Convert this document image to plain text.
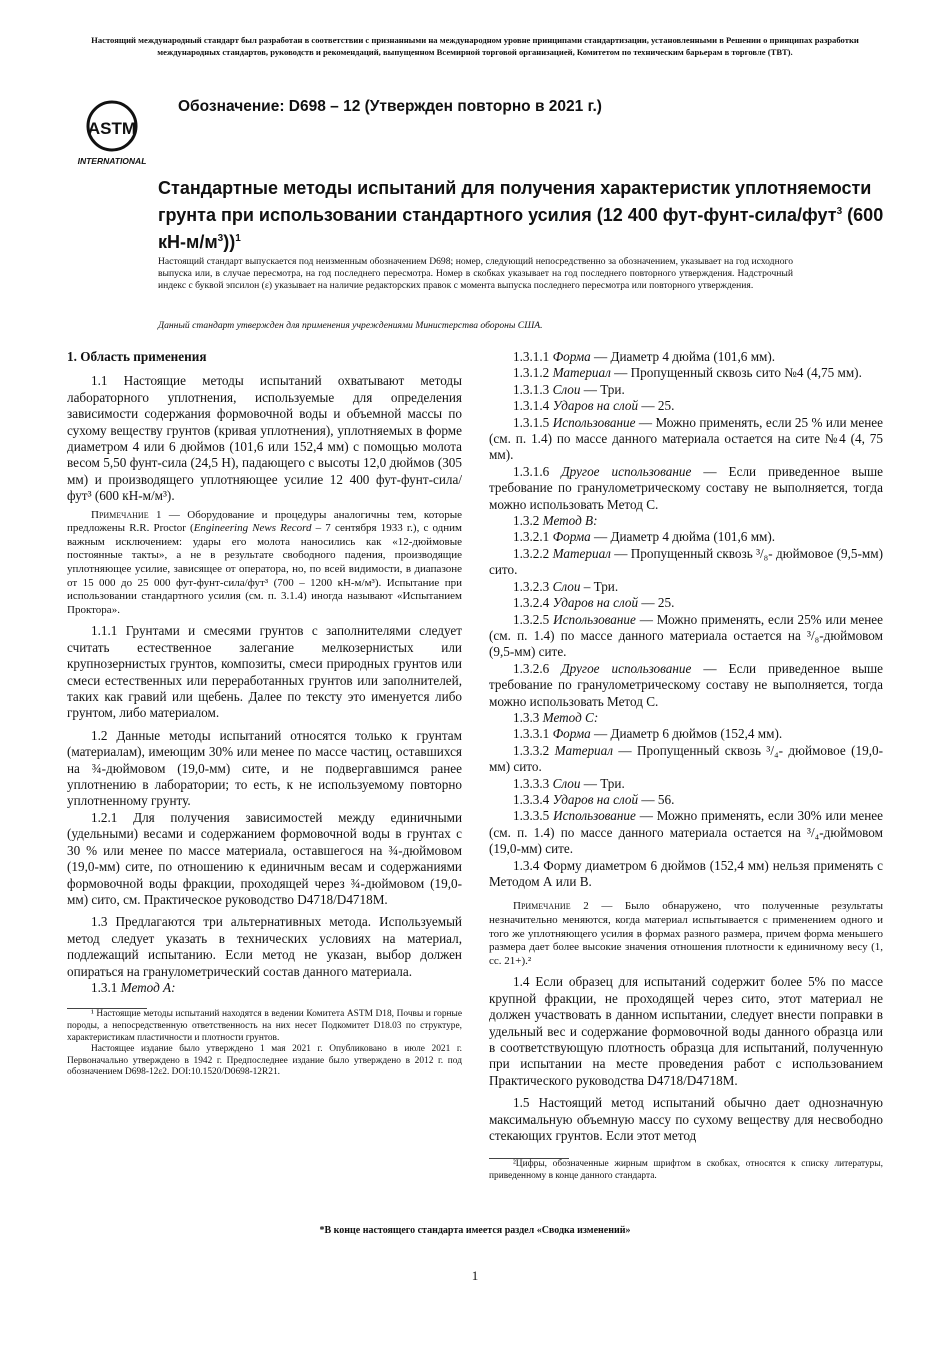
Настоящий международный стандарт был разработан в соответствии с признанными на международном уровне принципами стандартизации, установленными в Решении о принципах разработки международных стандартов, руководств и рекомендаций, выпущенном Всемирной торговой организацией, Комитетом по техническим барьерам в торговле (ТВТ).
ASTM
INTERNATIONAL
Обозначение: D698 – 12 (Утвержден повторно в 2021 г.)
Стандартные методы испытаний для получения характеристик уплотняемости грунта при использовании стандартного усилия (12 400 фут-фунт-сила/фут$^3$ (600 $кН-м/м^3))^1$
Настоящий стандарт выпускается под неизменным обозначением D698; номер, следующий непосредственно за обозначением, указывает на год исходного выпуска или, в случае пересмотра, на год последнего пересмотра. Номер в скобках указывает на год последнего повторного утверждения. Надстрочный индекс с буквой эпсилон (ε) указывает на наличие редакторских правок с момента выпуска последнего пересмотра или повторного утверждения.
Данный стандарт утвержден для применения учреждениями Министерства обороны США.

1. Область применения

1.1 Настоящие методы испытаний охватывают методы лабораторного уплотнения, используемые для определения зависимости содержания формовочной воды и объемной массы по сухому веществу грунтов (кривая уплотнения), уплотняемых в форме диаметром 4 или 6 дюймов (101,6 или 152,4 мм) с помощью молота весом 5,50 фунт-сила (24,5 Н), падающего с высоты 12,0 дюймов (305 мм) и производящего уплотняющее усилие 12 400 фут-фунт-сила/фут³ (600 кН-м/м³).

Примечание 1 — Оборудование и процедуры аналогичны тем, которые предложены R.R. Proctor (Engineering News Record – 7 сентября 1933 г.), с одним важным исключением: удары его молота наносились как «12-дюймовые постоянные такты», а не в результате свободного падения, производящие уплотняющее усилие, зависящее от оператора, но, по всей видимости, в диапазоне от 15 000 до 25 000 фут-фунт-сила/фут³ (700 – 1200 кН-м/м³). Испытание при использовании стандартного усилия (см. п. 3.1.4) иногда называют «Испытанием Проктора».

1.1.1 Грунтами и смесями грунтов с заполнителями следует считать естественное залегание мелкозернистых или крупнозернистых грунтов, композиты, смеси природных грунтов или смеси естественных или переработанных грунтов или заполнителей, таких как гравий или щебень. Далее по тексту это именуется либо грунтом, либо материалом.

1.2 Данные методы испытаний относятся только к грунтам (материалам), имеющим 30% или менее по массе частиц, оставшихся на ¾-дюймовом (19,0-мм) сите, и не подвергавшимся ранее уплотнению в лаборатории; то есть, к не используемому повторно уплотненному грунту.

1.2.1 Для получения зависимостей между единичными (удельными) весами и содержанием формовочной воды в грунтах с 30 % или менее по массе материала, оставшегося на ¾-дюймовом (19,0-мм) сите, по отношению к единичным весам и содержаниями формовочной воды фракции, проходящей через ¾-дюймовом (19,0-мм) сито, см. Практическое руководство D4718/D4718M.

1.3 Предлагаются три альтернативных метода. Используемый метод следует указать в технических условиях на материал, подлежащий испытанию. Если метод не указан, выбор должен опираться на гранулометрический состав данного материала.

1.3.1 Метод А:

¹ Настоящие методы испытаний находятся в ведении Комитета ASTM D18, Почвы и горные породы, а непосредственную ответственность на них несет Подкомитет D18.03 по структуре, характеристикам пластичности и плотности грунтов.

Настоящее издание было утверждено 1 мая 2021 г. Опубликовано в июле 2021 г. Первоначально утверждено в 1942 г. Предпоследнее издание было утверждено в 2012 г. под обозначением D698-12ε2. DOI:10.1520/D0698-12R21.

1.3.1.1 Форма — Диаметр 4 дюйма (101,6 мм).

1.3.1.2 Материал — Пропущенный сквозь сито №4 (4,75 мм).

1.3.1.3 Слои — Три.

1.3.1.4 Ударов на слой — 25.

1.3.1.5 Использование — Можно применять, если 25 % или менее (см. п. 1.4) по массе данного материала остается на сите №4 (4, 75 мм).

1.3.1.6 Другое использование — Если приведенное выше требование по гранулометрическому составу не выполняется, тогда можно использовать Метод С.

1.3.2 Метод В:

1.3.2.1 Форма — Диаметр 4 дюйма (101,6 мм).

1.3.2.2 Материал — Пропущенный сквозь ³/₈- дюймовое (9,5-мм) сито.

1.3.2.3 Слои – Три.

1.3.2.4 Ударов на слой — 25.

1.3.2.5 Использование — Можно применять, если 25% или менее (см. п. 1.4) по массе данного материала остается на ³/₈-дюймовом (9,5-мм) сите.

1.3.2.6 Другое использование — Если приведенное выше требование по гранулометрическому составу не выполняется, тогда можно использовать Метод С.

1.3.3 Метод С:

1.3.3.1 Форма — Диаметр 6 дюймов (152,4 мм).

1.3.3.2 Материал — Пропущенный сквозь ³/₄- дюймовое (19,0-мм) сито.

1.3.3.3 Слои — Три.

1.3.3.4 Ударов на слой — 56.

1.3.3.5 Использование — Можно применять, если 30% или менее (см. п. 1.4) по массе данного материала остается на ³/₄-дюймовом (19,0-мм) сите.

1.3.4 Форму диаметром 6 дюймов (152,4 мм) нельзя применять с Методом А или В.

Примечание 2 — Было обнаружено, что полученные результаты незначительно меняются, когда материал испытывается с применением одного и того же уплотняющего усилия в формах разного размера, причем форма меньшего размера дает более высокие значения отношения плотности к единичному весу (1, сс. 21+).²

1.4 Если образец для испытаний содержит более 5% по массе крупной фракции, не проходящей через сито, этот материал не должен участвовать в данном испытании, следует внести поправки в удельный вес и содержание формовочной воды данного образца или в соответствующую плотность образца для испытаний, полученную при испытании на месте проведения работ с использованием Практического руководства D4718/D4718M.

1.5 Настоящий метод испытаний обычно дает однозначную максимальную объемную массу по сухому веществу для несвободно стекающих грунтов. Если этот метод

²Цифры, обозначенные жирным шрифтом в скобках, относятся к списку литературы, приведенному в конце данного стандарта.

*В конце настоящего стандарта имеется раздел «Сводка изменений»
1
